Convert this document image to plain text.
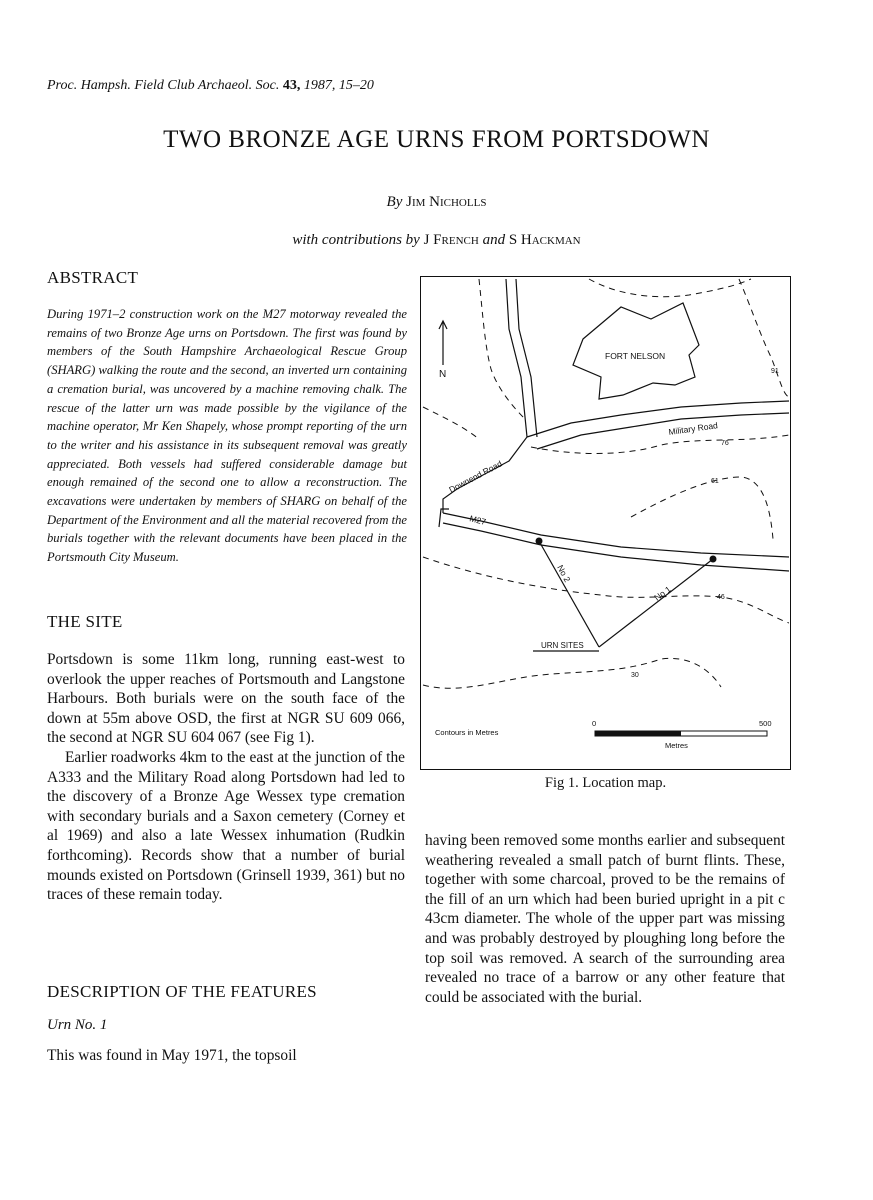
Proc. Hampsh. Field Club Archaeol. Soc. 43, 1987, 15–20
TWO BRONZE AGE URNS FROM PORTSDOWN
By Jim Nicholls
with contributions by J French and S Hackman
ABSTRACT
During 1971–2 construction work on the M27 motorway revealed the remains of two Bronze Age urns on Portsdown. The first was found by members of the South Hampshire Archaeological Rescue Group (SHARG) walking the route and the second, an inverted urn containing a cremation burial, was uncovered by a machine removing chalk. The rescue of the latter urn was made possible by the vigilance of the machine operator, Mr Ken Shapely, whose prompt reporting of the urn to the writer and his assistance in its subsequent removal was greatly appreciated. Both vessels had suffered considerable damage but enough remained of the second one to allow a reconstruction. The excavations were undertaken by members of SHARG on behalf of the Department of the Environment and all the material recovered from the burials together with the relevant documents have been placed in the Portsmouth City Museum.
THE SITE

Portsdown is some 11km long, running east-west to overlook the upper reaches of Portsmouth and Langstone Harbours. Both burials were on the south face of the down at 55m above OSD, the first at NGR SU 609 066, the second at NGR SU 604 067 (see Fig 1).

Earlier roadworks 4km to the east at the junction of the A333 and the Military Road along Portsdown had led to the discovery of a Bronze Age Wessex type cremation with secondary burials and a Saxon cemetery (Corney et al 1969) and also a late Wessex inhumation (Rudkin forthcoming). Records show that a number of burial mounds existed on Portsdown (Grinsell 1939, 361) but no traces of these remain today.

DESCRIPTION OF THE FEATURES
Urn No. 1
This was found in May 1971, the topsoil
having been removed some months earlier and subsequent weathering revealed a small patch of burnt flints. These, together with some charcoal, proved to be the remains of the fill of an urn which had been buried upright in a pit c 43cm diameter. The whole of the upper part was missing and was probably destroyed by ploughing long before the top soil was removed. A search of the surrounding area revealed no trace of a barrow or any other feature that could be associated with the burial.
N
FORT NELSON
Military Road
Downend Road
M27
No 2
No 1
URN SITES
76
61
46
30
91
Contours in Metres
0	500
Metres
Fig 1. Location map.
